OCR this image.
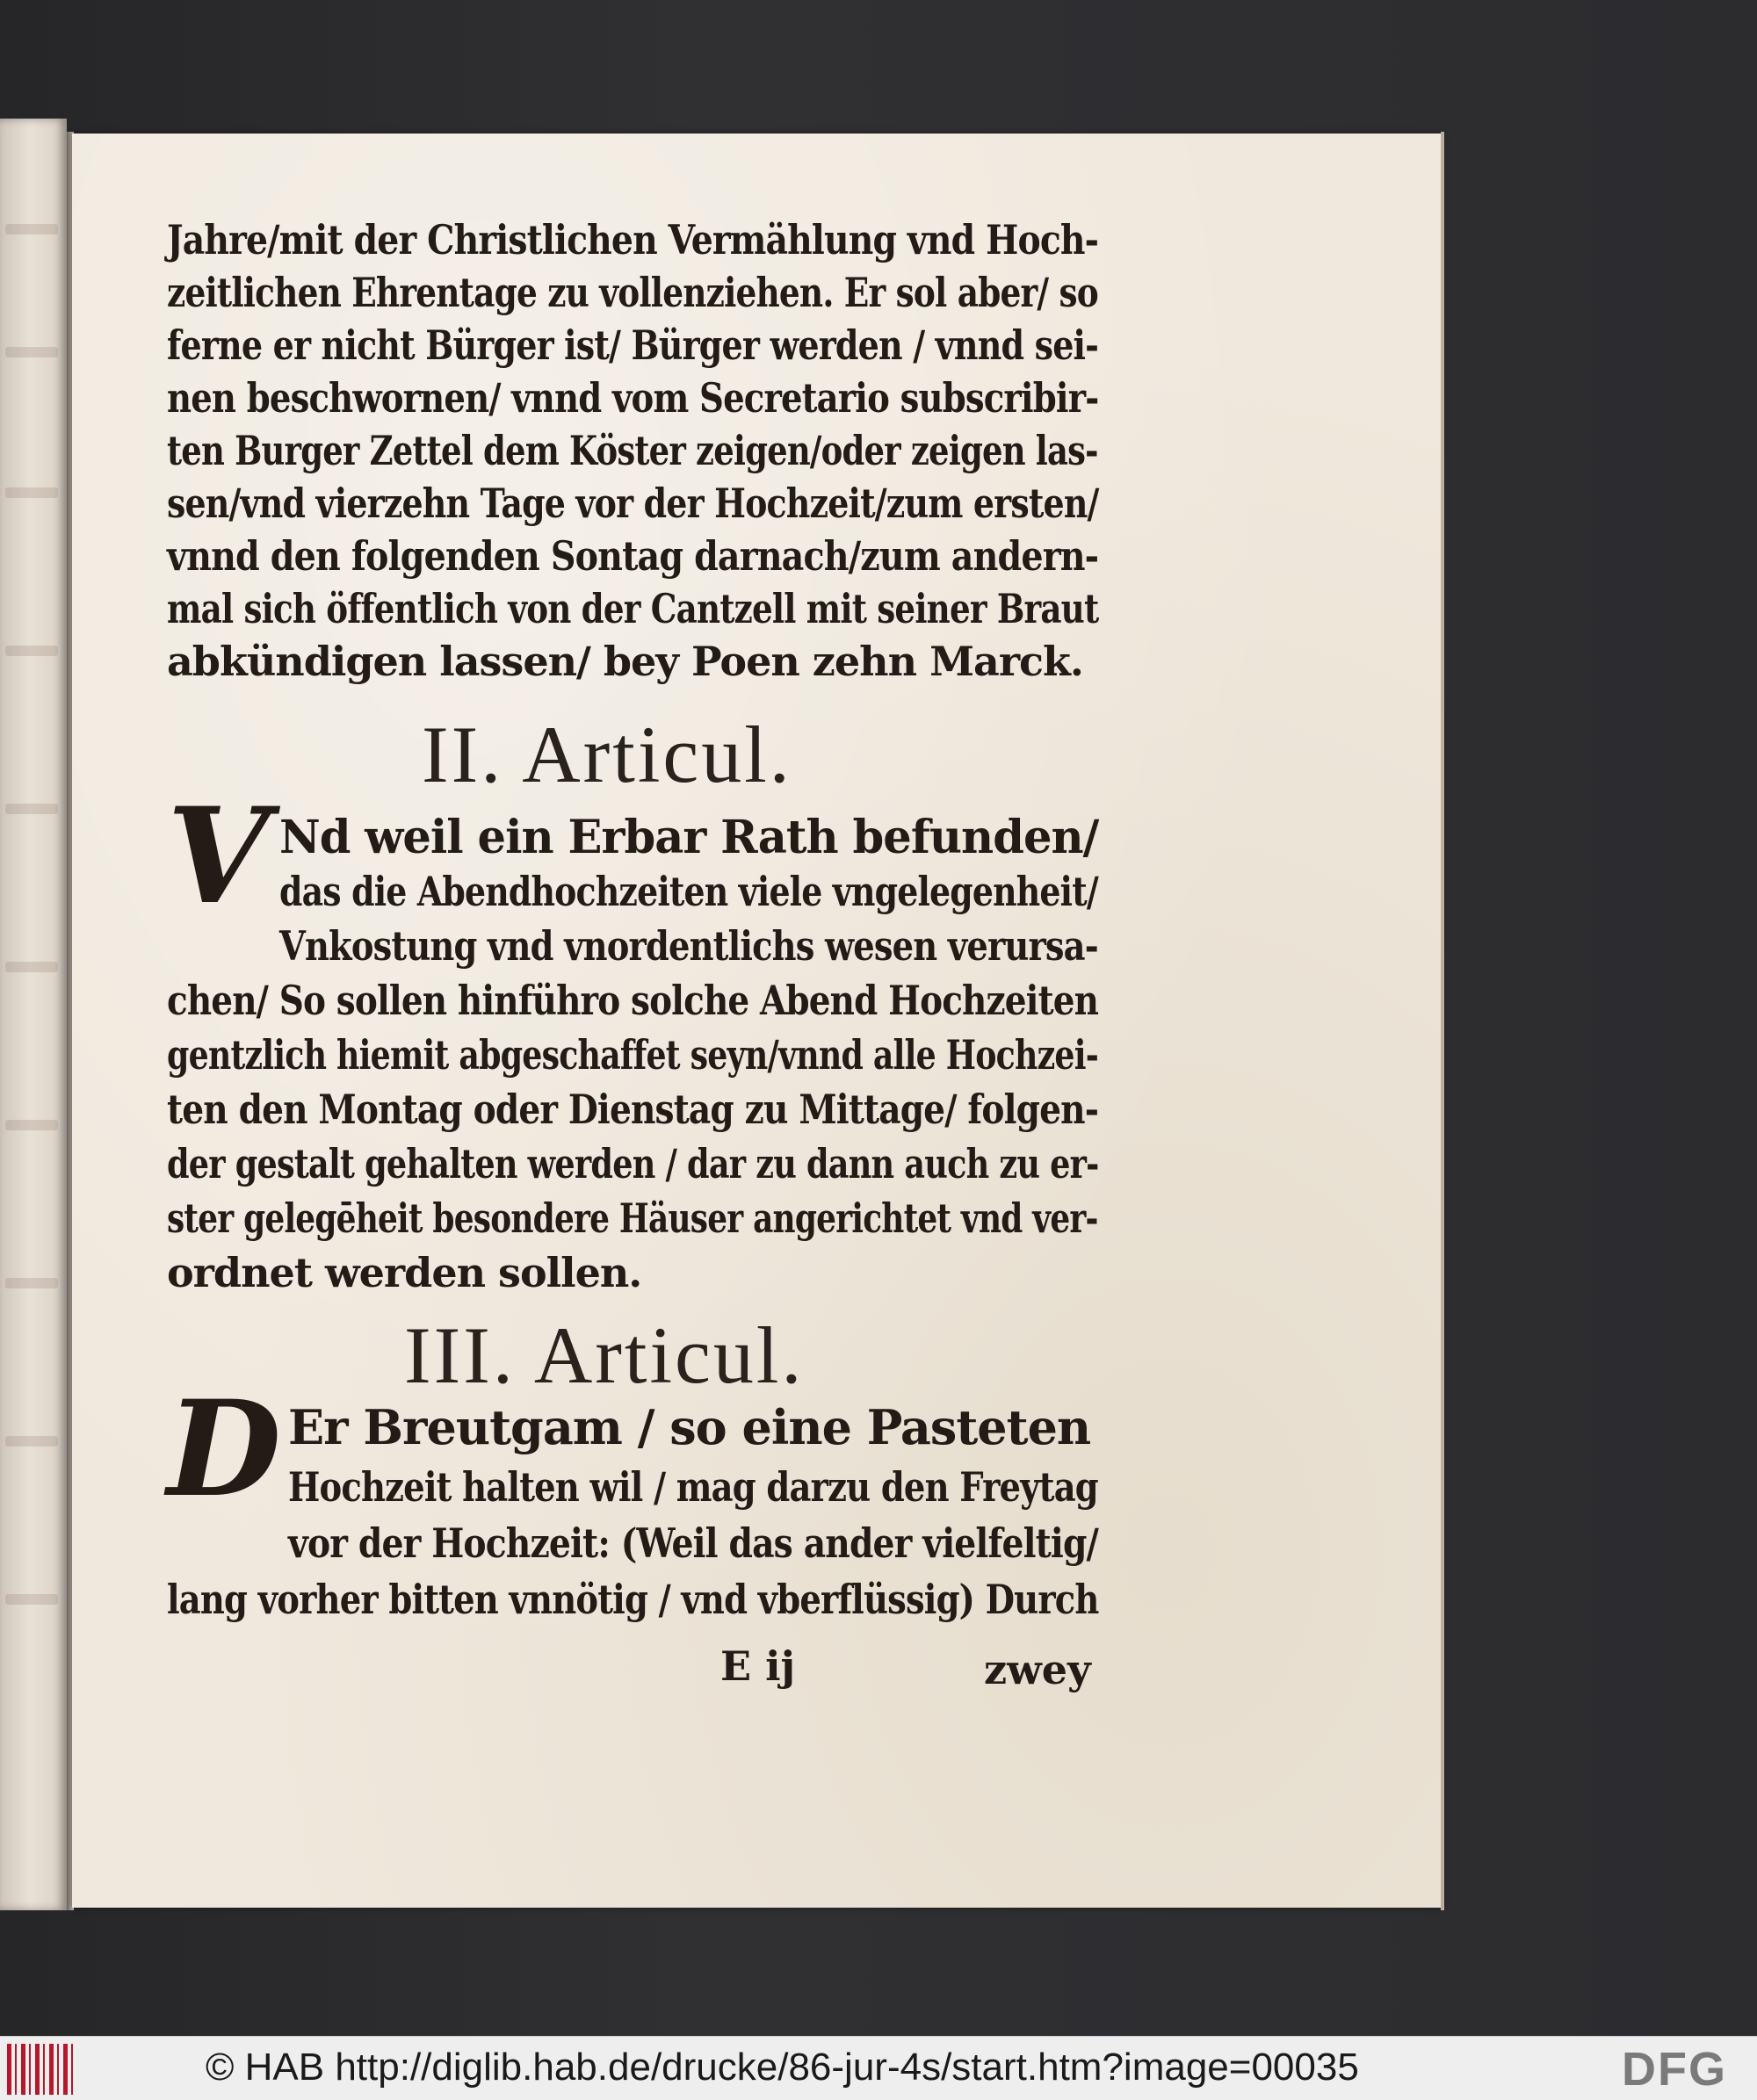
Jahre/mit der Christlichen Vermählung vnd Hoch-
zeitlichen Ehrentage zu vollenziehen. Er sol aber/ so
ferne er nicht Bürger ist/ Bürger werden / vnnd sei-
nen beschwornen/ vnnd vom Secretario subscribir-
ten Burger Zettel dem Köster zeigen/oder zeigen las-
sen/vnd vierzehn Tage vor der Hochzeit/zum ersten/
vnnd den folgenden Sontag darnach/zum andern-
mal sich öffentlich von der Cantzell mit seiner Braut
abkündigen lassen/ bey Poen zehn Marck.
II. Articul.
V Nd weil ein Erbar Rath befunden/
das die Abendhochzeiten viele vngelegenheit/
Vnkostung vnd vnordentlichs wesen verursa-
chen/ So sollen hinführo solche Abend Hochzeiten
gentzlich hiemit abgeschaffet seyn/vnnd alle Hochzei-
ten den Montag oder Dienstag zu Mittage/ folgen-
der gestalt gehalten werden / dar zu dann auch zu er-
ster gelegēheit besondere Häuser angerichtet vnd ver-
ordnet werden sollen.
III. Articul.
D Er Breutgam / so eine Pasteten
Hochzeit halten wil / mag darzu den Freytag
vor der Hochzeit: (Weil das ander vielfeltig/
lang vorher bitten vnnötig / vnd vberflüssig) Durch
E ij	zwey
© HAB http://diglib.hab.de/drucke/86-jur-4s/start.htm?image=00035	DFG
